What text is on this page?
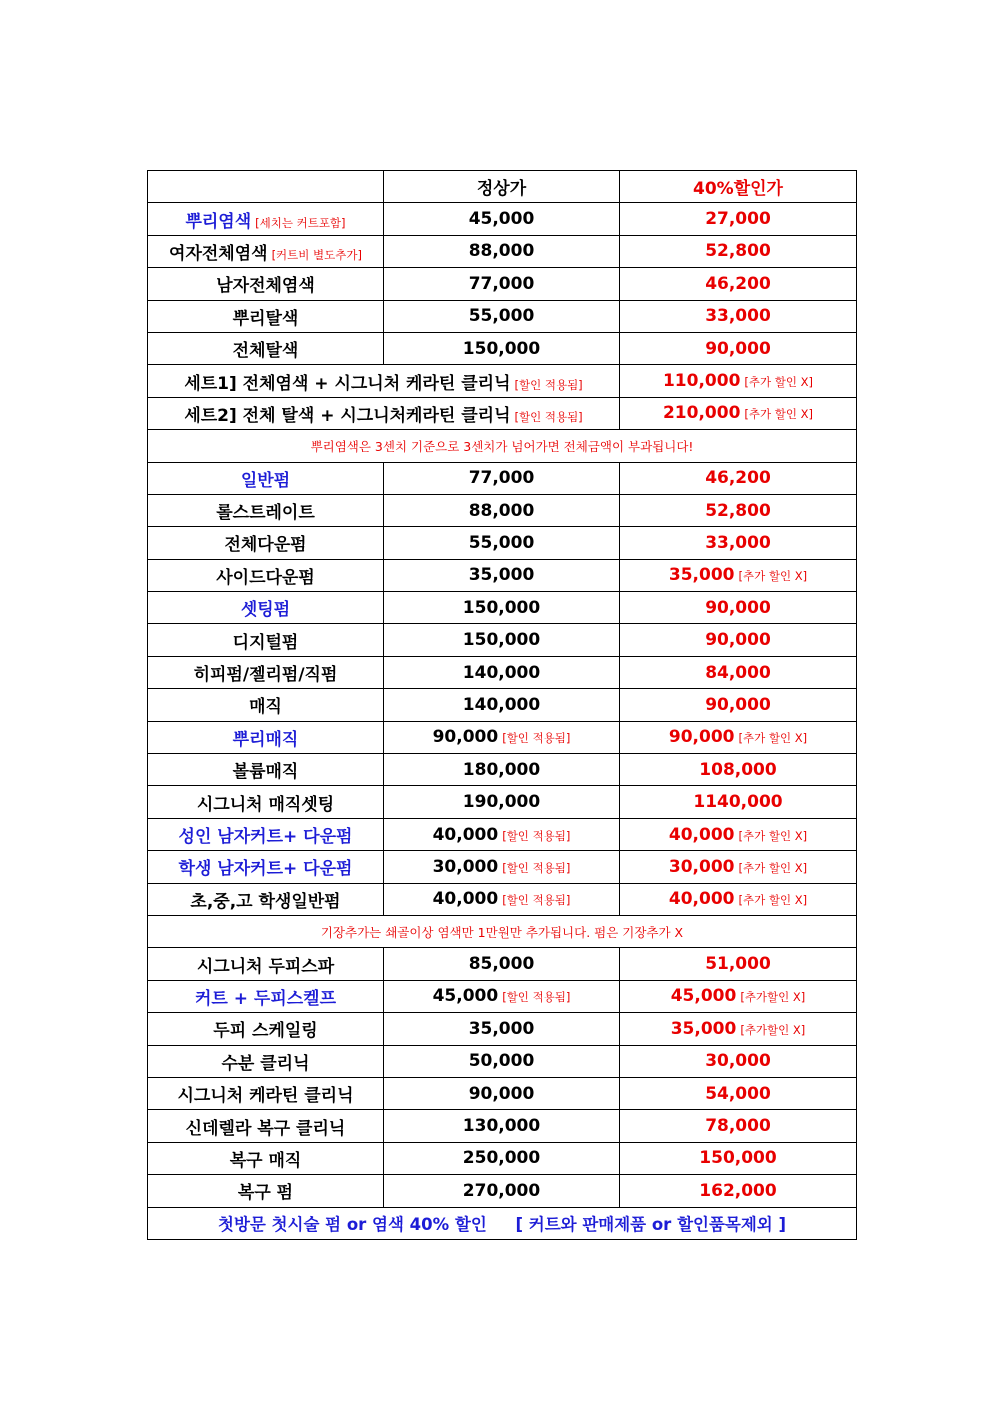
	정상가	40%할인가
뿌리염색 [세치는 커트포함]	45,000	27,000
여자전체염색 [커트비 별도추가]	88,000	52,800
남자전체염색	77,000	46,200
뿌리탈색	55,000	33,000
전체탈색	150,000	90,000
세트1] 전체염색 + 시그니처 케라틴 클리닉 [할인 적용됨]		110,000 [추가 할인 X]
세트2] 전체 탈색 + 시그니처케라틴 클리닉 [할인 적용됨]		210,000 [추가 할인 X]
뿌리염색은 3센치 기준으로 3센치가 넘어가면 전체금액이 부과됩니다!		
일반펌	77,000	46,200
롤스트레이트	88,000	52,800
전체다운펌	55,000	33,000
사이드다운펌	35,000	35,000 [추가 할인 X]
셋팅펌	150,000	90,000
디지털펌	150,000	90,000
히피펌/젤리펌/직펌	140,000	84,000
매직	140,000	90,000
뿌리매직	90,000 [할인 적용됨]	90,000 [추가 할인 X]
볼륨매직	180,000	108,000
시그니처 매직셋팅	190,000	1140,000
성인 남자커트+ 다운펌	40,000 [할인 적용됨]	40,000 [추가 할인 X]
학생 남자커트+ 다운펌	30,000 [할인 적용됨]	30,000 [추가 할인 X]
초,중,고 학생일반펌	40,000 [할인 적용됨]	40,000 [추가 할인 X]
기장추가는 쇄골이상 염색만 1만원만 추가됩니다. 펌은 기장추가 X		
시그니처 두피스파	85,000	51,000
커트 + 두피스켈프	45,000 [할인 적용됨]	45,000 [추가할인 X]
두피 스케일링	35,000	35,000 [추가할인 X]
수분 클리닉	50,000	30,000
시그니처 케라틴 클리닉	90,000	54,000
신데렐라 복구 클리닉	130,000	78,000
복구 매직	250,000	150,000
복구 펌	270,000	162,000
첫방문 첫시술 펌 or 염색 40% 할인     [ 커트와 판매제품 or 할인품목제외 ]		
